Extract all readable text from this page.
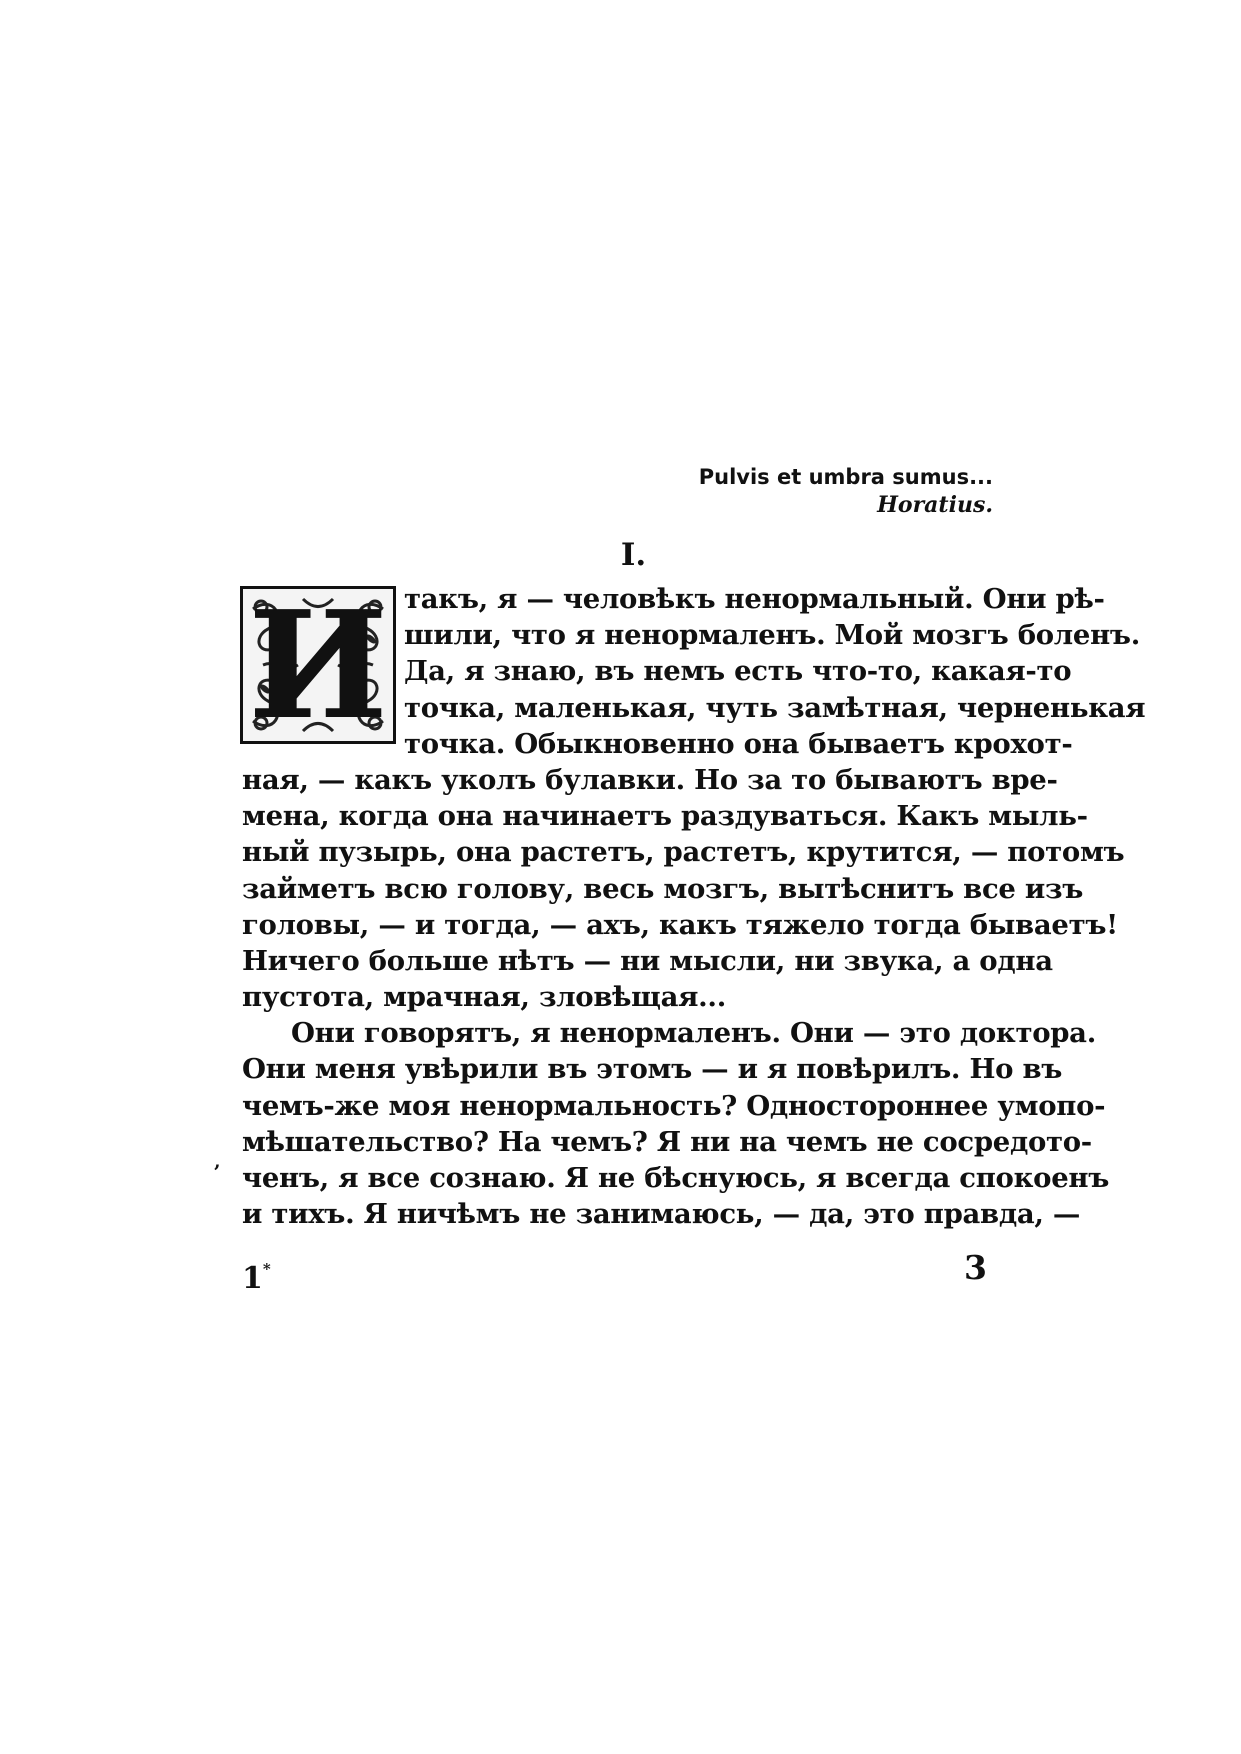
Pulvis et umbra sumus...
Horatius.
I.
И такъ, я — человѣкъ ненормальный. Они рѣ-
шили, что я ненормаленъ. Мой мозгъ боленъ.
Да, я знаю, въ немъ есть что-то, какая-то
точка, маленькая, чуть замѣтная, черненькая
точка. Обыкновенно она бываетъ крохот-
ная, — какъ уколъ булавки. Но за то бываютъ вре-
мена, когда она начинаетъ раздуваться. Какъ мыль-
ный пузырь, она растетъ, растетъ, крутится, — потомъ
займетъ всю голову, весь мозгъ, вытѣснитъ все изъ
головы, — и тогда, — ахъ, какъ тяжело тогда бываетъ!
Ничего больше нѣтъ — ни мысли, ни звука, а одна
пустота, мрачная, зловѣщая...
Они говорятъ, я ненормаленъ. Они — это доктора.
Они меня увѣрили въ этомъ — и я повѣрилъ. Но въ
чемъ-же моя ненормальность? Одностороннее умопо-
мѣшательство? На чемъ? Я ни на чемъ не сосредото-
ченъ, я все сознаю. Я не бѣснуюсь, я всегда спокоенъ
и тихъ. Я ничѣмъ не занимаюсь, — да, это правда, —
ʼ
1*	3
